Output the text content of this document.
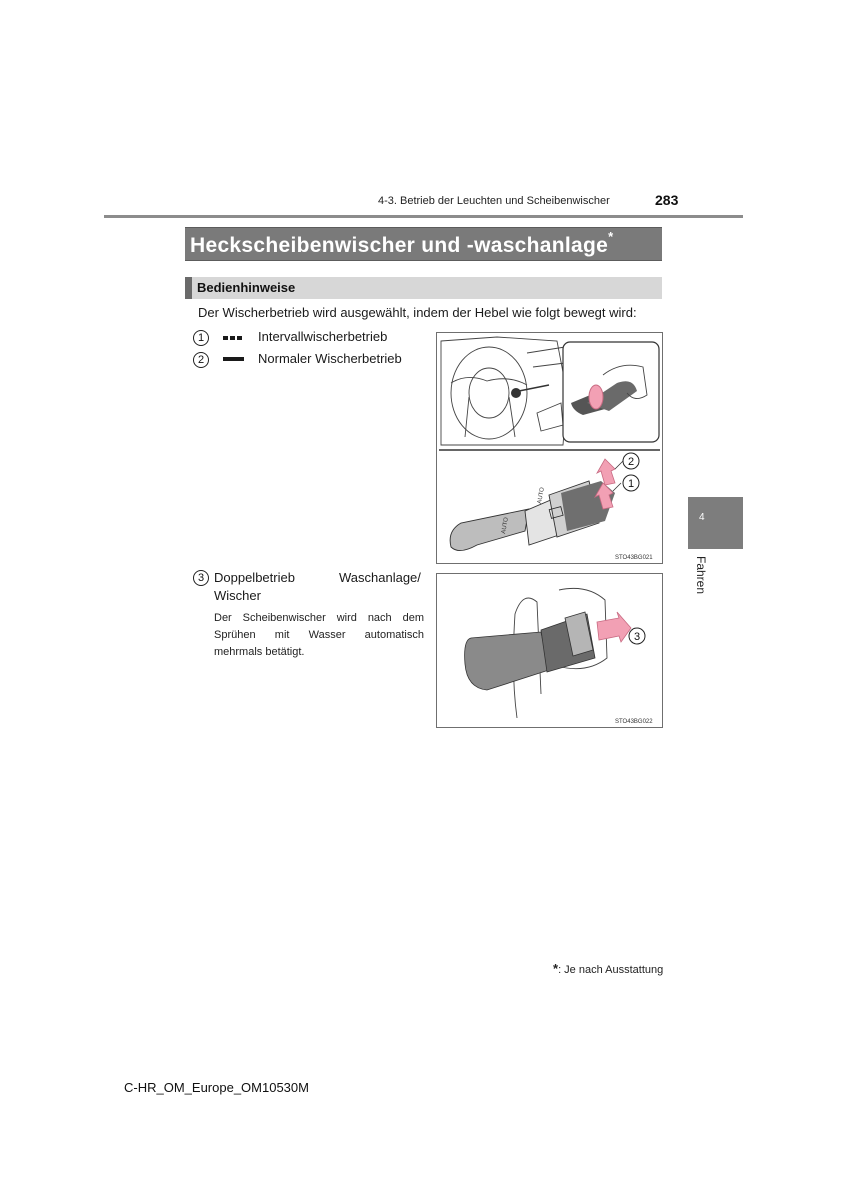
4-3. Betrieb der Leuchten und Scheibenwischer	283
Heckscheibenwischer und -waschanlage*
Bedienhinweise
Der Wischerbetrieb wird ausgewählt, indem der Hebel wie folgt bewegt wird:
1	Intervallwischerbetrieb
2	Normaler Wischerbetrieb
3 Doppelbetrieb	Waschanlage/
Wischer
Der Scheibenwischer wird nach dem Sprühen mit Wasser automatisch mehrmals betätigt.
AUTO
AUTO
2
1
STO43BG021
3
STO43BG022
4
Fahren
*: Je nach Ausstattung
C-HR_OM_Europe_OM10530M
